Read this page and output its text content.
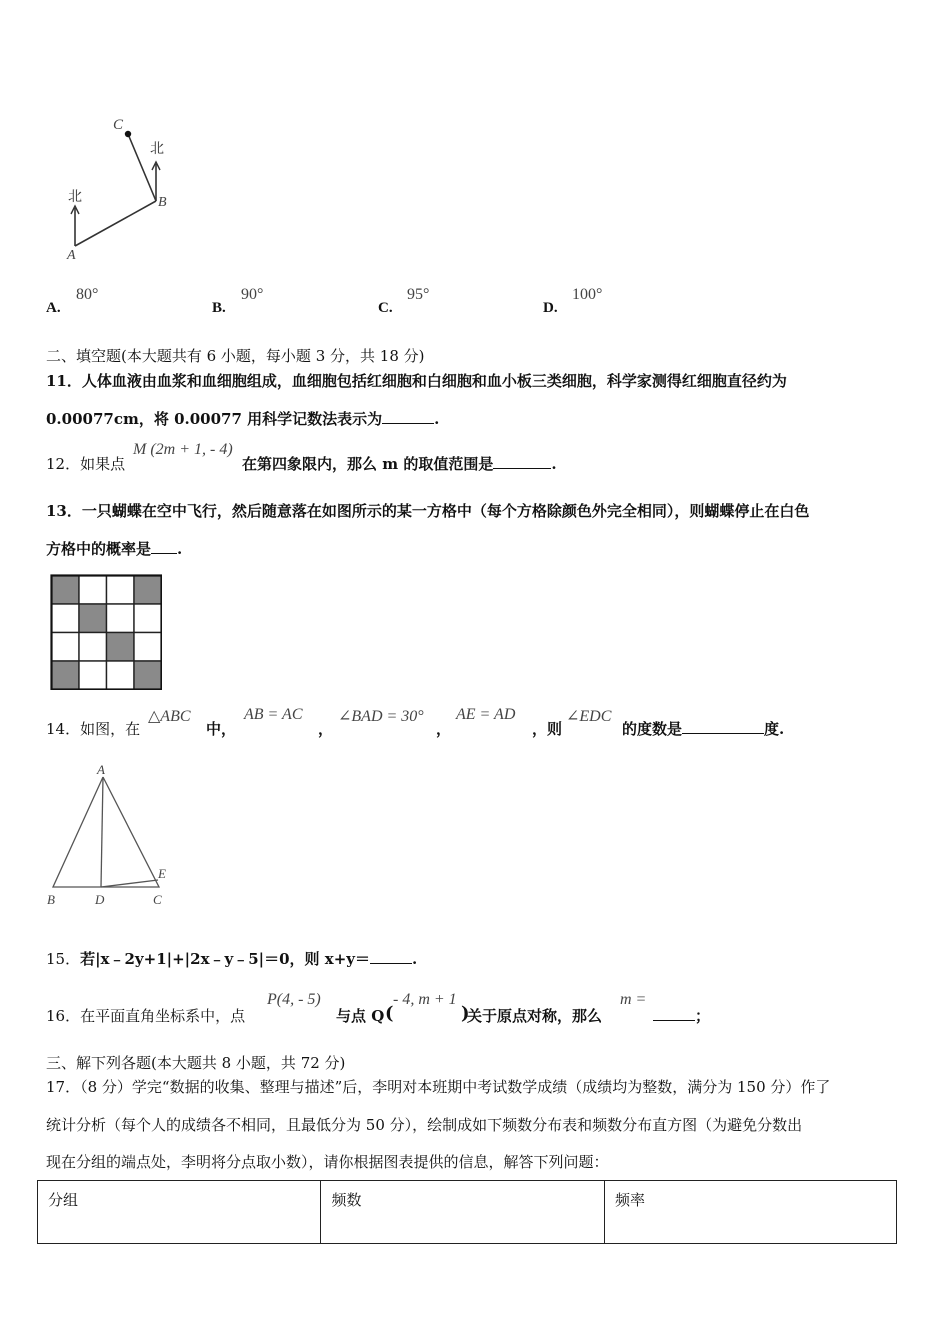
C
北
B
北
A
A.
80°
B.
90°
C.
95°
D.
100°
二、填空题(本大题共有 6 小题，每小题 3 分，共 18 分)
11．人体血液由血浆和血细胞组成，血细胞包括红细胞和白细胞和血小板三类细胞，科学家测得红细胞直径约为
0.00077cm，将 0.00077 用科学记数法表示为	.
12．如果点
M (2m + 1, - 4)
在第四象限内，那么 m 的取值范围是	.
13．一只蝴蝶在空中飞行，然后随意落在如图所示的某一方格中（每个方格除颜色外完全相同），则蝴蝶停止在白色
方格中的概率是 .
14．如图，在
△ABC
中，
AB = AC
，
∠BAD = 30°
，
AE = AD
，则
∠EDC
的度数是	度.
A
B	D	C
E
15．若|x﹣2y+1|+|2x﹣y﹣5|＝0，则 x+y＝	.
16．在平面直角坐标系中，点
P(4, - 5)
与点 Q (
- 4, m + 1
)
关于原点对称，那么
m =
；
三、解下列各题(本大题共 8 小题，共 72 分)
17．（8 分）学完“数据的收集、整理与描述”后，李明对本班期中考试数学成绩（成绩均为整数，满分为 150 分）作了
统计分析（每个人的成绩各不相同，且最低分为 50 分），绘制成如下频数分布表和频数分布直方图（为避免分数出
现在分组的端点处，李明将分点取小数），请你根据图表提供的信息，解答下列问题：
分组	频数	频率
